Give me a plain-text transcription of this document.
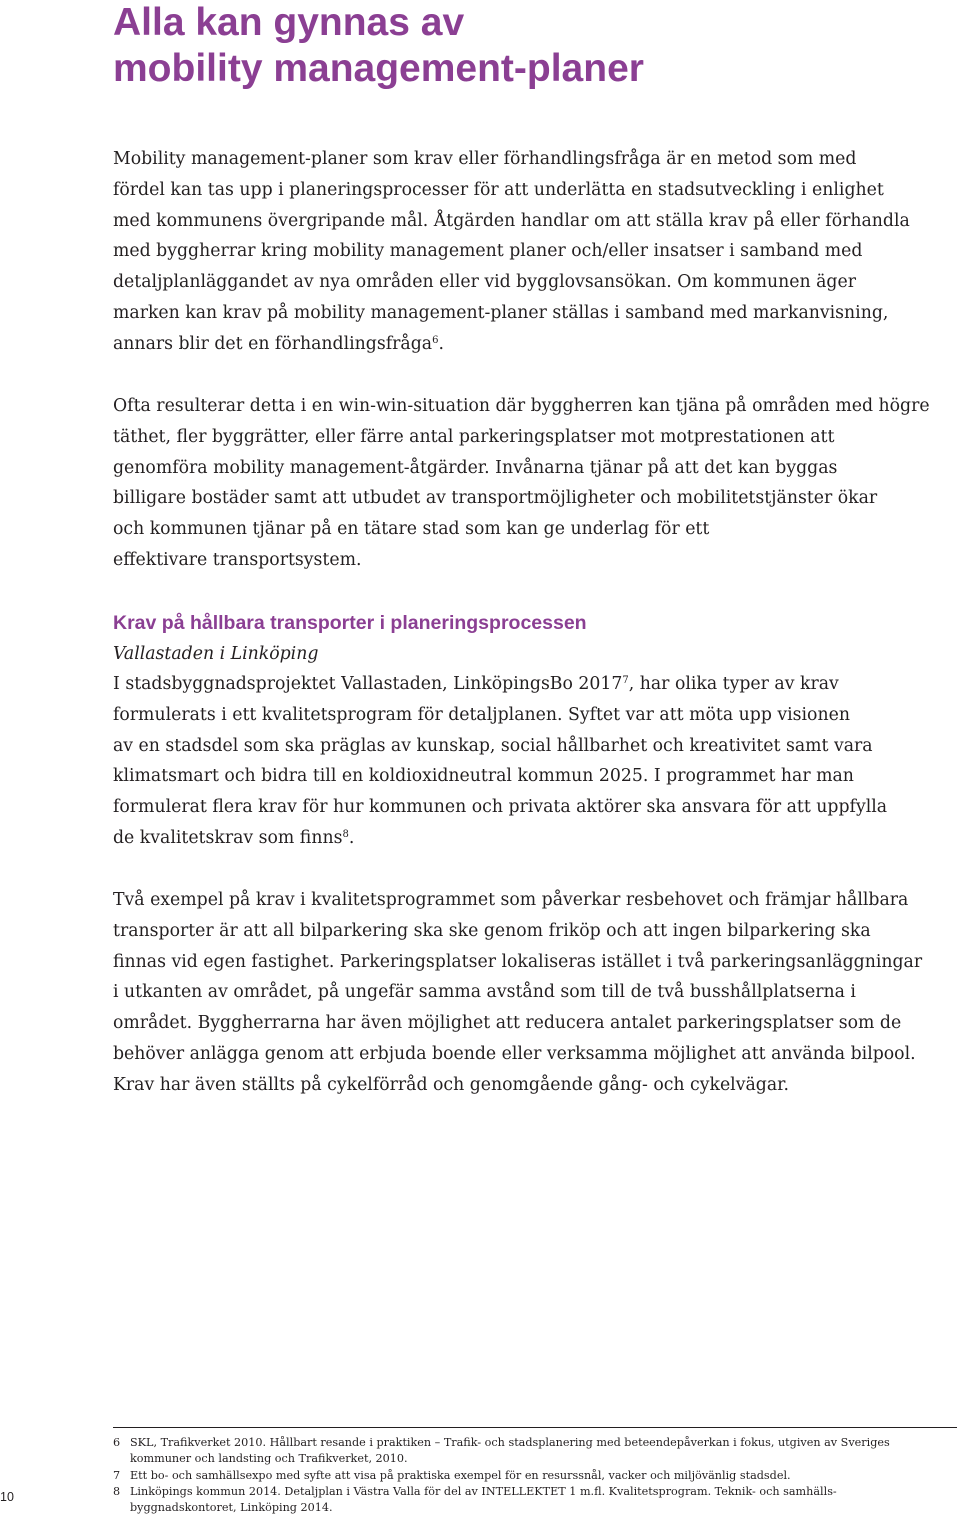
Alla kan gynnas av
mobility management-planer

Mobility management-planer som krav eller förhandlingsfråga är en metod som med
fördel kan tas upp i planeringsprocesser för att underlätta en stadsutveckling i enlighet
med kommunens övergripande mål. Åtgärden handlar om att ställa krav på eller förhandla
med byggherrar kring mobility management planer och/eller insatser i samband med
detaljplanläggandet av nya områden eller vid bygglovsansökan. Om kommunen äger
marken kan krav på mobility management-planer ställas i samband med markanvisning,
annars blir det en förhandlingsfråga$^6$.

Ofta resulterar detta i en win-win-situation där byggherren kan tjäna på områden med högre
täthet, fler byggrätter, eller färre antal parkeringsplatser mot motprestationen att
genomföra mobility management-åtgärder. Invånarna tjänar på att det kan byggas
billigare bostäder samt att utbudet av transportmöjligheter och mobilitetstjänster ökar
och kommunen tjänar på en tätare stad som kan ge underlag för ett
effektivare transportsystem.

Krav på hållbara transporter i planeringsprocessen

Vallastaden i Linköping

I stadsbyggnadsprojektet Vallastaden, LinköpingsBo 2017$^7$, har olika typer av krav
formulerats i ett kvalitetsprogram för detaljplanen. Syftet var att möta upp visionen
av en stadsdel som ska präglas av kunskap, social hållbarhet och kreativitet samt vara
klimatsmart och bidra till en koldioxidneutral kommun 2025. I programmet har man
formulerat flera krav för hur kommunen och privata aktörer ska ansvara för att uppfylla
de kvalitetskrav som finns$^8$.

Två exempel på krav i kvalitetsprogrammet som påverkar resbehovet och främjar hållbara
transporter är att all bilparkering ska ske genom friköp och att ingen bilparkering ska
finnas vid egen fastighet. Parkeringsplatser lokaliseras istället i två parkeringsanläggningar
i utkanten av området, på ungefär samma avstånd som till de två busshållplatserna i
området. Byggherrarna har även möjlighet att reducera antalet parkeringsplatser som de
behöver anlägga genom att erbjuda boende eller verksamma möjlighet att använda bilpool.
Krav har även ställts på cykelförråd och genomgående gång- och cykelvägar.

6 SKL, Trafikverket 2010. Hållbart resande i praktiken – Trafik- och stadsplanering med beteendepåverkan i fokus, utgiven av Sveriges
kommuner och landsting och Trafikverket, 2010.
7 Ett bo- och samhällsexpo med syfte att visa på praktiska exempel för en resurssnål, vacker och miljövänlig stadsdel.
8 Linköpings kommun 2014. Detaljplan i Västra Valla för del av INTELLEKTET 1 m.fl. Kvalitetsprogram. Teknik- och samhälls-
byggnadskontoret, Linköping 2014.
10
